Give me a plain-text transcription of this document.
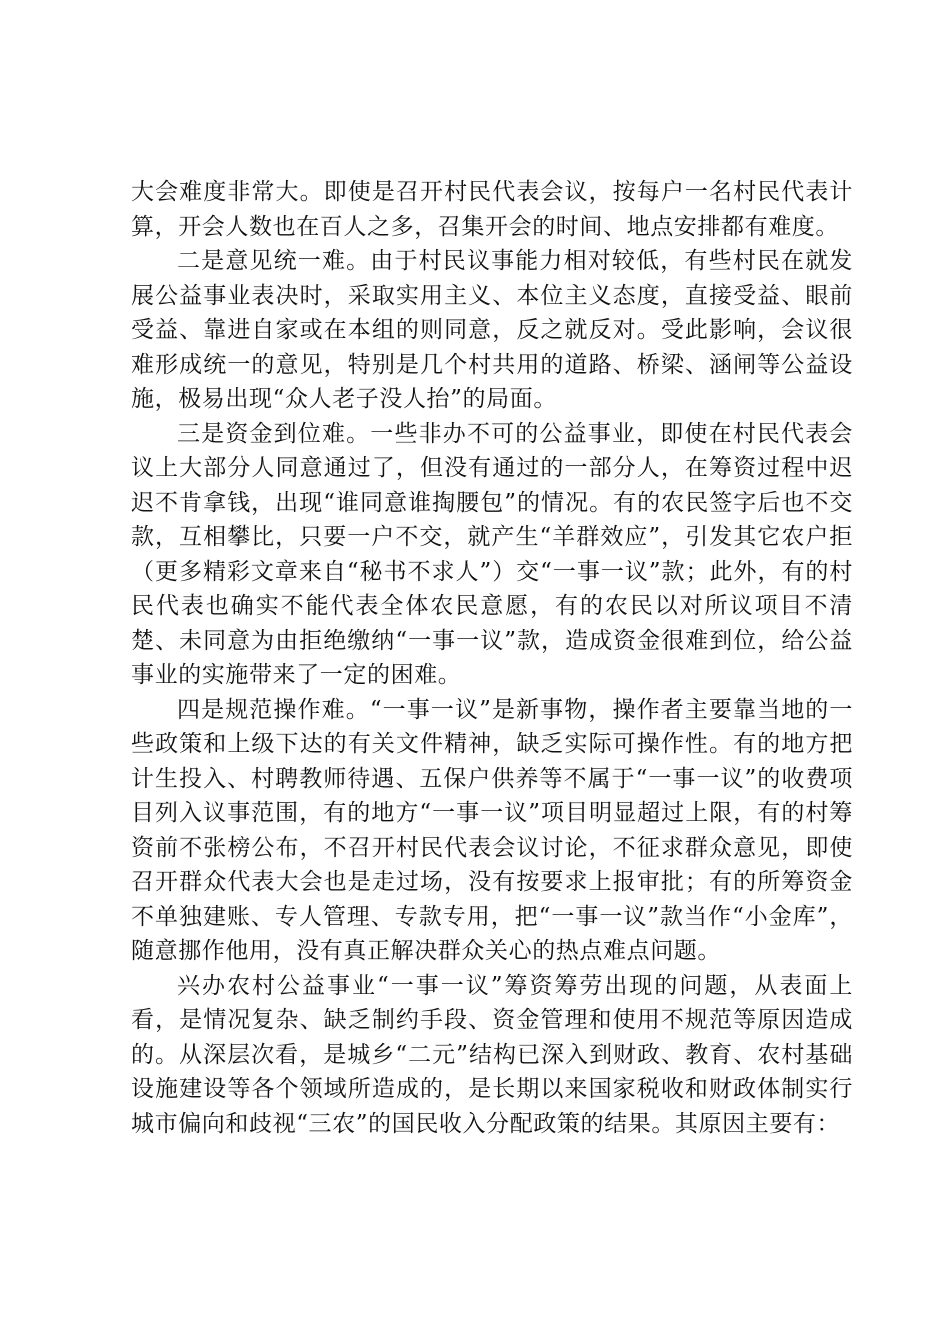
大会难度非常大。即使是召开村民代表会议，按每户一名村民代表计算，开会人数也在百人之多，召集开会的时间、地点安排都有难度。

二是意见统一难。由于村民议事能力相对较低，有些村民在就发展公益事业表决时，采取实用主义、本位主义态度，直接受益、眼前受益、靠进自家或在本组的则同意，反之就反对。受此影响，会议很难形成统一的意见，特别是几个村共用的道路、桥梁、涵闸等公益设施，极易出现“众人老子没人抬”的局面。

三是资金到位难。一些非办不可的公益事业，即使在村民代表会议上大部分人同意通过了，但没有通过的一部分人，在筹资过程中迟迟不肯拿钱，出现“谁同意谁掏腰包”的情况。有的农民签字后也不交款，互相攀比，只要一户不交，就产生“羊群效应”，引发其它农户拒（更多精彩文章来自“秘书不求人”）交“一事一议”款；此外，有的村民代表也确实不能代表全体农民意愿，有的农民以对所议项目不清楚、未同意为由拒绝缴纳“一事一议”款，造成资金很难到位，给公益事业的实施带来了一定的困难。

四是规范操作难。“一事一议”是新事物，操作者主要靠当地的一些政策和上级下达的有关文件精神，缺乏实际可操作性。有的地方把计生投入、村聘教师待遇、五保户供养等不属于“一事一议”的收费项目列入议事范围，有的地方“一事一议”项目明显超过上限，有的村筹资前不张榜公布，不召开村民代表会议讨论，不征求群众意见，即使召开群众代表大会也是走过场，没有按要求上报审批；有的所筹资金不单独建账、专人管理、专款专用，把“一事一议”款当作“小金库”，随意挪作他用，没有真正解决群众关心的热点难点问题。

兴办农村公益事业“一事一议”筹资筹劳出现的问题，从表面上看，是情况复杂、缺乏制约手段、资金管理和使用不规范等原因造成的。从深层次看，是城乡“二元”结构已深入到财政、教育、农村基础设施建设等各个领域所造成的，是长期以来国家税收和财政体制实行城市偏向和歧视“三农”的国民收入分配政策的结果。其原因主要有：
